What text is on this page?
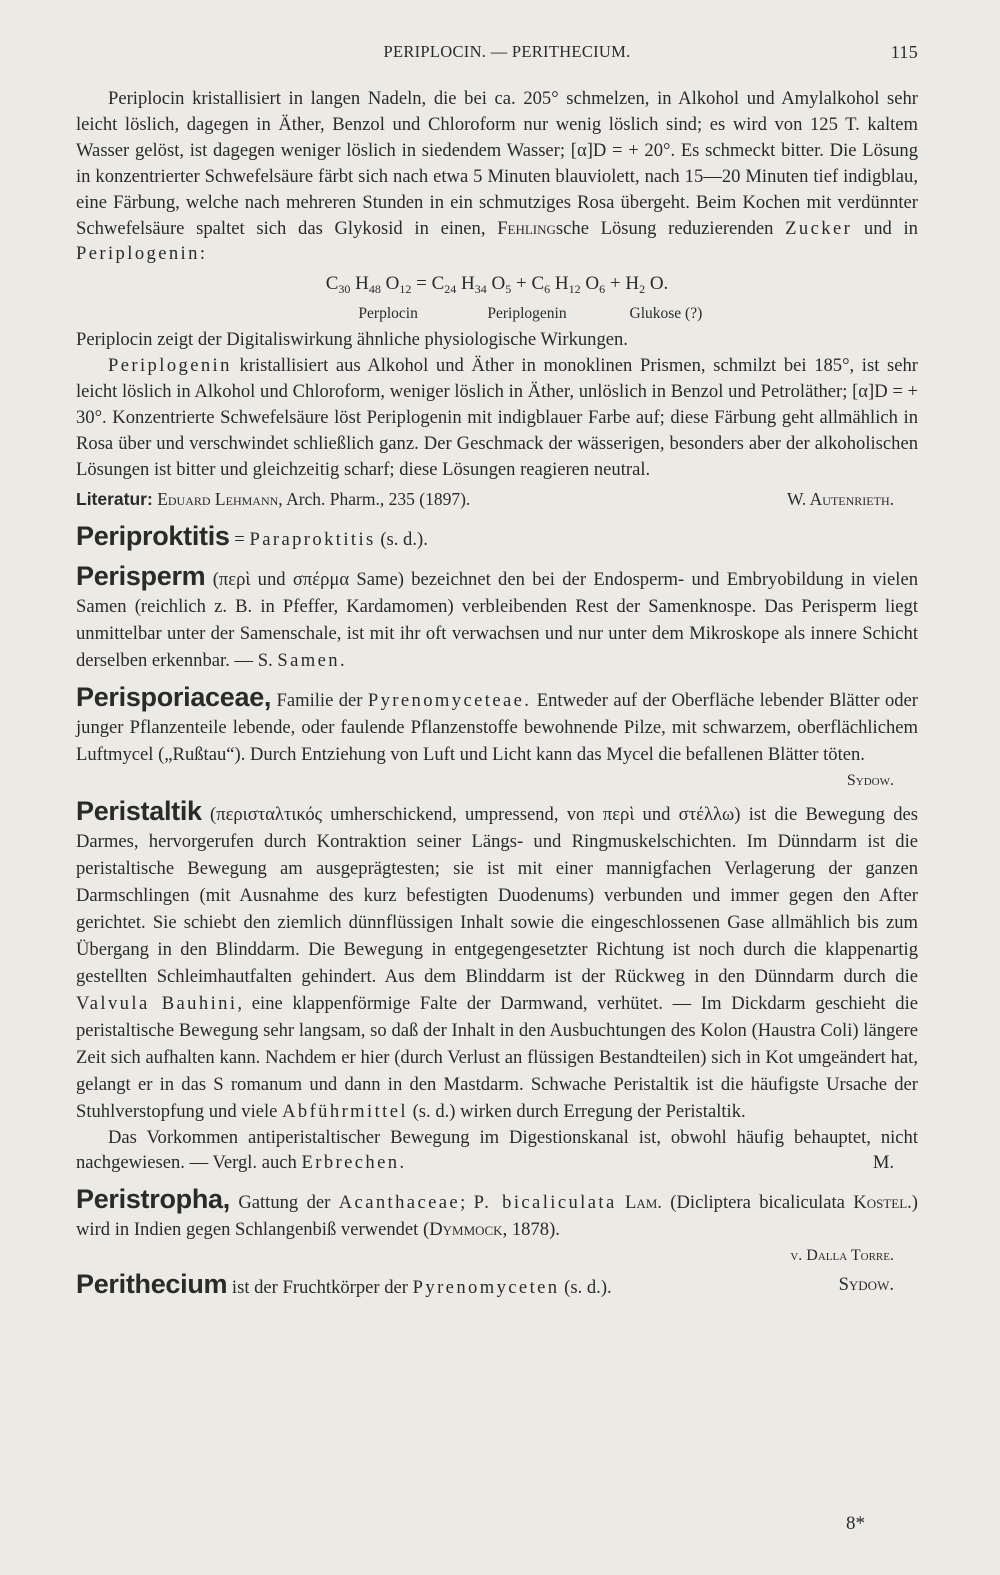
PERIPLOCIN. — PERITHECIUM.	115

Periplocin kristallisiert in langen Nadeln, die bei ca. 205° schmelzen, in Alkohol und Amylalkohol sehr leicht löslich, dagegen in Äther, Benzol und Chloroform nur wenig löslich sind; es wird von 125 T. kaltem Wasser gelöst, ist dagegen weniger löslich in siedendem Wasser; [α]D = + 20°. Es schmeckt bitter. Die Lösung in konzentrierter Schwefelsäure färbt sich nach etwa 5 Minuten blauviolett, nach 15—20 Minuten tief indigblau, eine Färbung, welche nach mehreren Stunden in ein schmutziges Rosa übergeht. Beim Kochen mit verdünnter Schwefelsäure spaltet sich das Glykosid in einen, Fehlingsche Lösung reduzierenden Zucker und in Periplogenin:

$C_{30}$ $H_{48}$ $O_{12} = C_{24}$ $H_{34}$ $O_5 + C_6$ $H_{12}$ $O_6 + H_2$ O.
Perplocin	Periplogenin	Glukose (?)

Periplocin zeigt der Digitaliswirkung ähnliche physiologische Wirkungen.

Periplogenin kristallisiert aus Alkohol und Äther in monoklinen Prismen, schmilzt bei 185°, ist sehr leicht löslich in Alkohol und Chloroform, weniger löslich in Äther, unlöslich in Benzol und Petroläther; [α]D = + 30°. Konzentrierte Schwefelsäure löst Periplogenin mit indigblauer Farbe auf; diese Färbung geht allmählich in Rosa über und verschwindet schließlich ganz. Der Geschmack der wässerigen, besonders aber der alkoholischen Lösungen ist bitter und gleichzeitig scharf; diese Lösungen reagieren neutral.

Literatur: Eduard Lehmann, Arch. Pharm., 235 (1897).	W. Autenrieth.

Periproktitis = Paraproktitis (s. d.).

Perisperm (περὶ und σπέρμα Same) bezeichnet den bei der Endosperm- und Embryobildung in vielen Samen (reichlich z. B. in Pfeffer, Kardamomen) verbleibenden Rest der Samenknospe. Das Perisperm liegt unmittelbar unter der Samenschale, ist mit ihr oft verwachsen und nur unter dem Mikroskope als innere Schicht derselben erkennbar. — S. Samen.

Perisporiaceae, Familie der Pyrenomyceteae. Entweder auf der Oberfläche lebender Blätter oder junger Pflanzenteile lebende, oder faulende Pflanzenstoffe bewohnende Pilze, mit schwarzem, oberflächlichem Luftmycel („Rußtau“). Durch Entziehung von Luft und Licht kann das Mycel die befallenen Blätter töten.

Sydow.

Peristaltik (περισταλτικός umherschickend, umpressend, von περὶ und στέλλω) ist die Bewegung des Darmes, hervorgerufen durch Kontraktion seiner Längs- und Ringmuskelschichten. Im Dünndarm ist die peristaltische Bewegung am ausgeprägtesten; sie ist mit einer mannigfachen Verlagerung der ganzen Darmschlingen (mit Ausnahme des kurz befestigten Duodenums) verbunden und immer gegen den After gerichtet. Sie schiebt den ziemlich dünnflüssigen Inhalt sowie die eingeschlossenen Gase allmählich bis zum Übergang in den Blinddarm. Die Bewegung in entgegengesetzter Richtung ist noch durch die klappenartig gestellten Schleimhautfalten gehindert. Aus dem Blinddarm ist der Rückweg in den Dünndarm durch die Valvula Bauhini, eine klappenförmige Falte der Darmwand, verhütet. — Im Dickdarm geschieht die peristaltische Bewegung sehr langsam, so daß der Inhalt in den Ausbuchtungen des Kolon (Haustra Coli) längere Zeit sich aufhalten kann. Nachdem er hier (durch Verlust an flüssigen Bestandteilen) sich in Kot umgeändert hat, gelangt er in das S romanum und dann in den Mastdarm. Schwache Peristaltik ist die häufigste Ursache der Stuhlverstopfung und viele Abführmittel (s. d.) wirken durch Erregung der Peristaltik.

Das Vorkommen antiperistaltischer Bewegung im Digestionskanal ist, obwohl häufig behauptet, nicht nachgewiesen. — Vergl. auch Erbrechen.	M.

Peristropha, Gattung der Acanthaceae; P. bicaliculata Lam. (Dicliptera bicaliculata Kostel.) wird in Indien gegen Schlangenbiß verwendet (Dymmock, 1878).

v. Dalla Torre.

Perithecium ist der Fruchtkörper der Pyrenomyceten (s. d.).	Sydow.

8*
